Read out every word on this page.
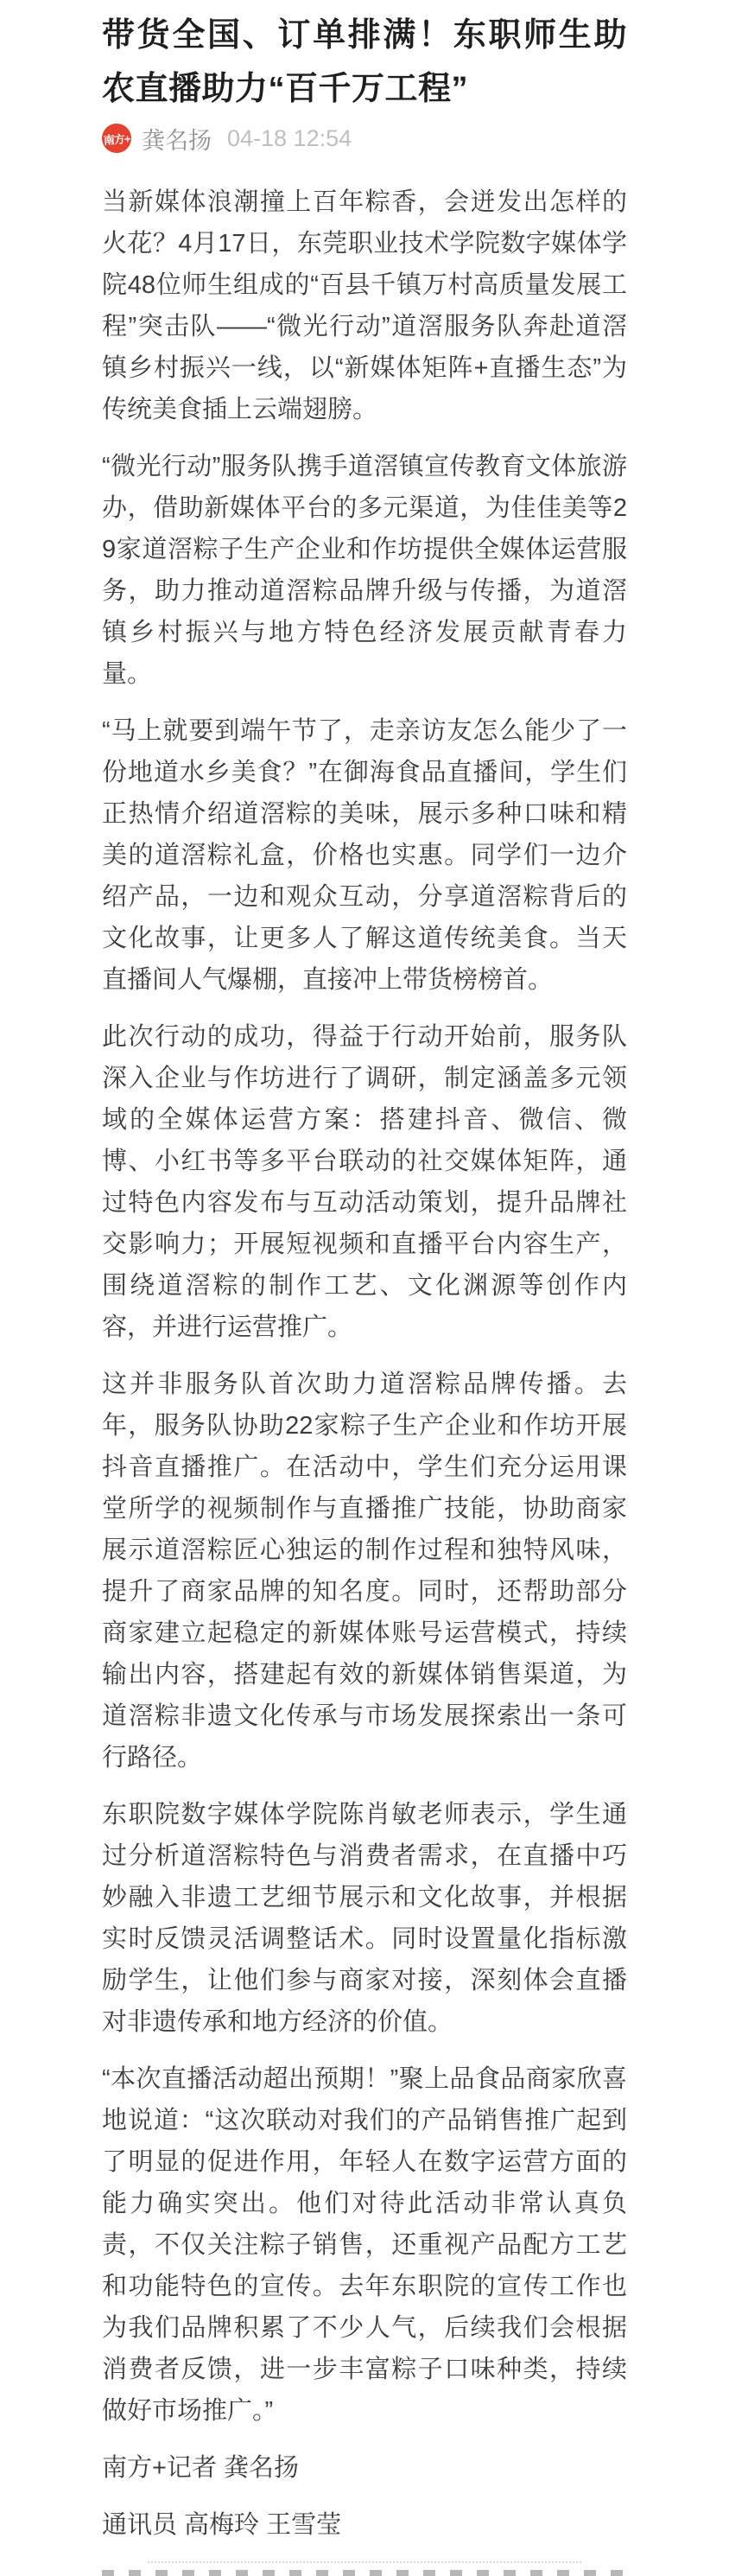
带货全国、订单排满！东职师生助农直播助力“百千万工程”
南方+ 龚名扬 04-18 12:54

当新媒体浪潮撞上百年粽香，会迸发出怎样的火花？4月17日，东莞职业技术学院数字媒体学院48位师生组成的“百县千镇万村高质量发展工程”突击队——“微光行动”道滘服务队奔赴道滘镇乡村振兴一线，以“新媒体矩阵+直播生态”为传统美食插上云端翅膀。

“微光行动”服务队携手道滘镇宣传教育文体旅游办，借助新媒体平台的多元渠道，为佳佳美等29家道滘粽子生产企业和作坊提供全媒体运营服务，助力推动道滘粽品牌升级与传播，为道滘镇乡村振兴与地方特色经济发展贡献青春力量。

“马上就要到端午节了，走亲访友怎么能少了一份地道水乡美食？”在御海食品直播间，学生们正热情介绍道滘粽的美味，展示多种口味和精美的道滘粽礼盒，价格也实惠。同学们一边介绍产品，一边和观众互动，分享道滘粽背后的文化故事，让更多人了解这道传统美食。当天直播间人气爆棚，直接冲上带货榜榜首。

此次行动的成功，得益于行动开始前，服务队深入企业与作坊进行了调研，制定涵盖多元领域的全媒体运营方案：搭建抖音、微信、微博、小红书等多平台联动的社交媒体矩阵，通过特色内容发布与互动活动策划，提升品牌社交影响力；开展短视频和直播平台内容生产，围绕道滘粽的制作工艺、文化渊源等创作内容，并进行运营推广。

这并非服务队首次助力道滘粽品牌传播。去年，服务队协助22家粽子生产企业和作坊开展抖音直播推广。在活动中，学生们充分运用课堂所学的视频制作与直播推广技能，协助商家展示道滘粽匠心独运的制作过程和独特风味，提升了商家品牌的知名度。同时，还帮助部分商家建立起稳定的新媒体账号运营模式，持续输出内容，搭建起有效的新媒体销售渠道，为道滘粽非遗文化传承与市场发展探索出一条可行路径。

东职院数字媒体学院陈肖敏老师表示，学生通过分析道滘粽特色与消费者需求，在直播中巧妙融入非遗工艺细节展示和文化故事，并根据实时反馈灵活调整话术。同时设置量化指标激励学生，让他们参与商家对接，深刻体会直播对非遗传承和地方经济的价值。

“本次直播活动超出预期！”聚上品食品商家欣喜地说道：“这次联动对我们的产品销售推广起到了明显的促进作用，年轻人在数字运营方面的能力确实突出。他们对待此活动非常认真负责，不仅关注粽子销售，还重视产品配方工艺和功能特色的宣传。去年东职院的宣传工作也为我们品牌积累了不少人气，后续我们会根据消费者反馈，进一步丰富粽子口味种类，持续做好市场推广。”

南方+记者 龚名扬

通讯员 高梅玲 王雪莹
